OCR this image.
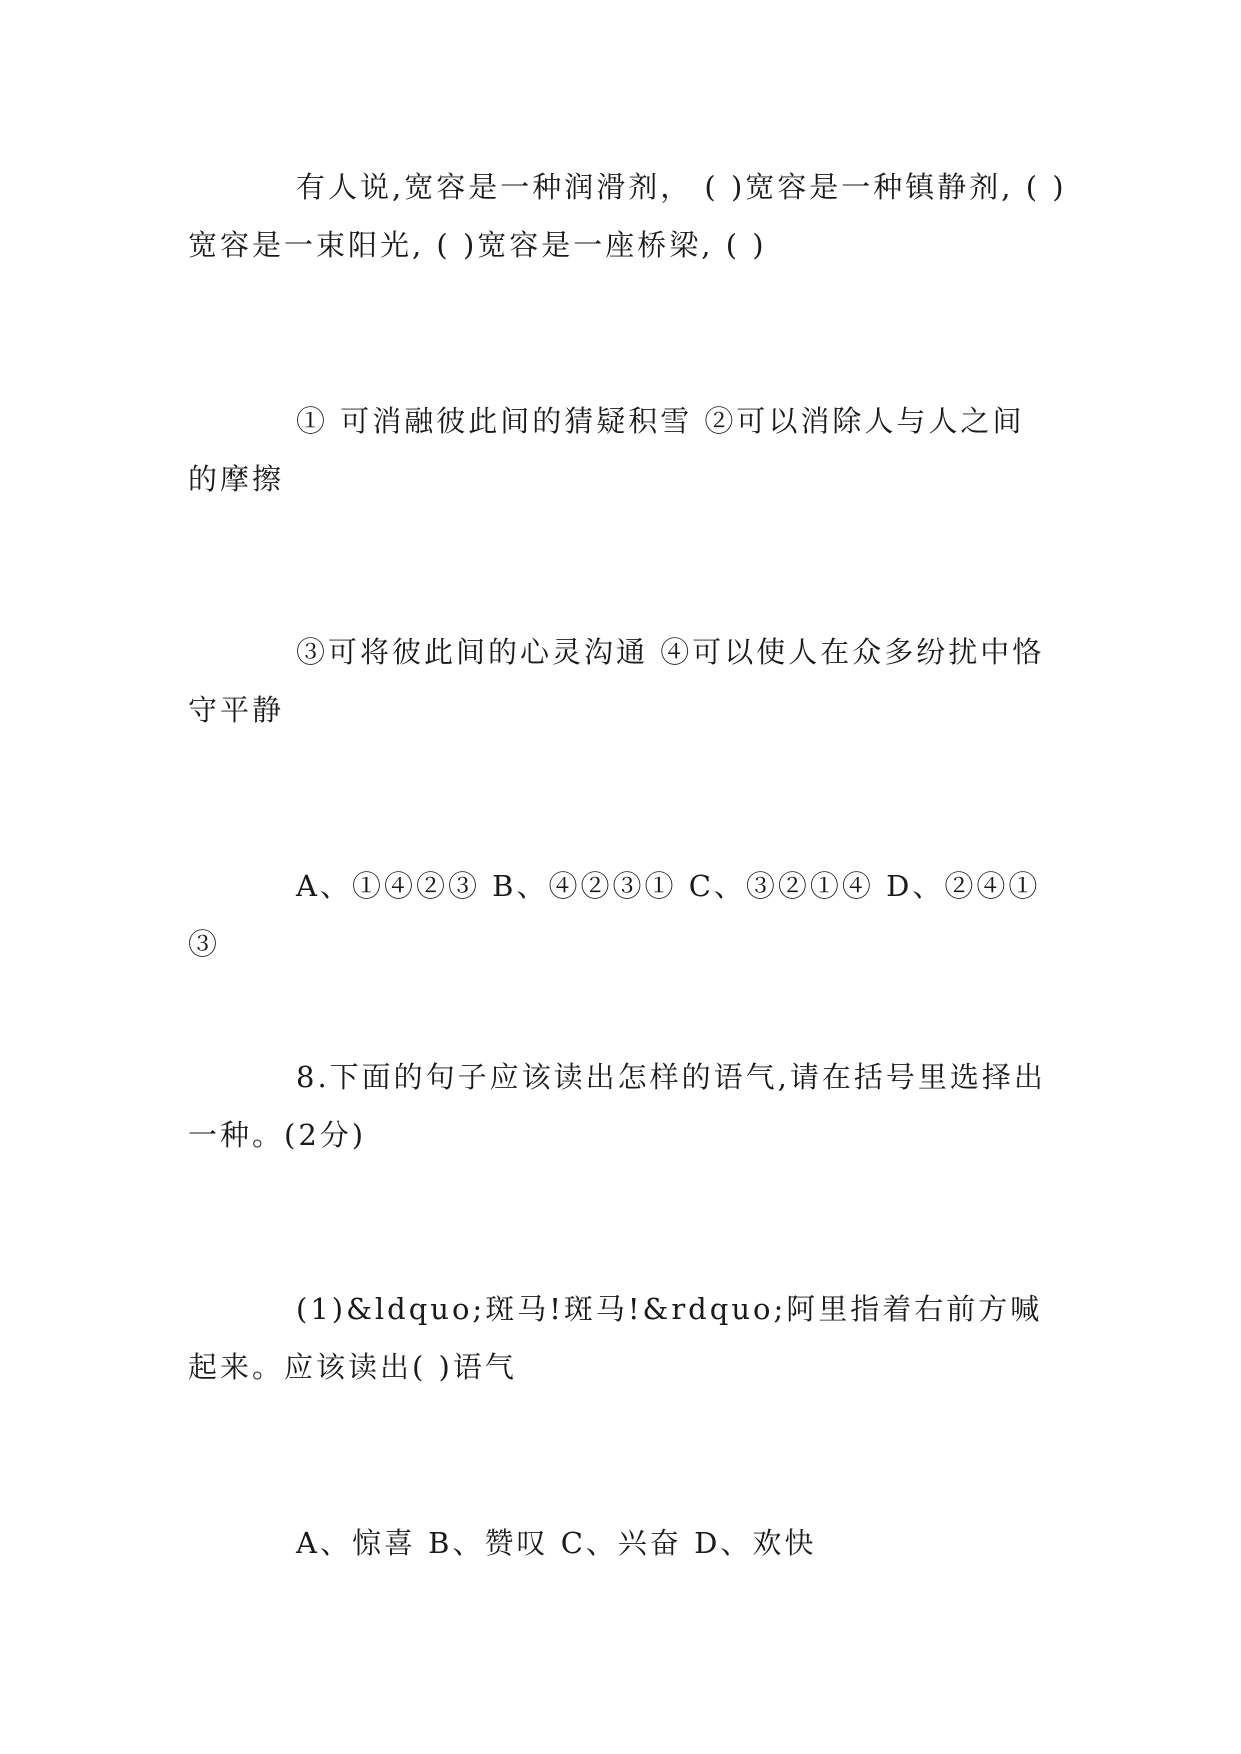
有人说,宽容是一种润滑剂， ( )宽容是一种镇静剂, ( )宽容是一束阳光, ( )宽容是一座桥梁, ( )

① 可消融彼此间的猜疑积雪 ②可以消除人与人之间的摩擦

③可将彼此间的心灵沟通 ④可以使人在众多纷扰中恪守平静

A、①④②③ B、④②③① C、③②①④ D、②④①③

8.下面的句子应该读出怎样的语气,请在括号里选择出一种。(2分)

(1)&ldquo;斑马!斑马!&rdquo;阿里指着右前方喊起来。应该读出( )语气

A、惊喜 B、赞叹 C、兴奋 D、欢快
